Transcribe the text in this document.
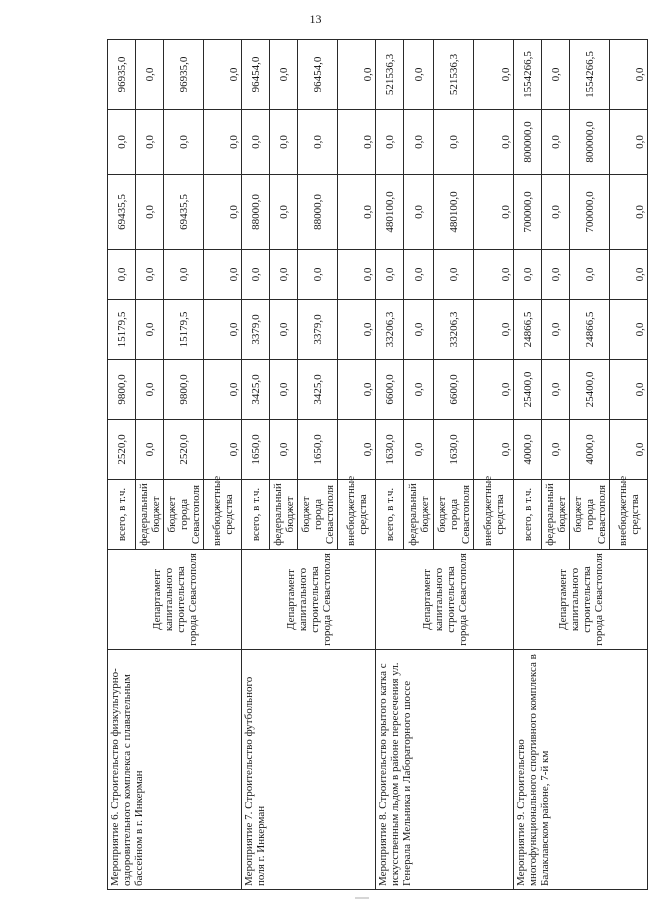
13
Мероприятие 6. Строительство физкультурно-оздоровительного комплекса с плавательным бассейном в г. Инкерман	Департамент капитального строительства города Севастополя	всего, в т.ч.	2520,0	9800,0	15179,5	0,0	69435,5	0,0	96935,0
		федеральный бюджет	0,0	0,0	0,0	0,0	0,0	0,0	0,0
		бюджет города Севастополя	2520,0	9800,0	15179,5	0,0	69435,5	0,0	96935,0
		внебюджетные средства	0,0	0,0	0,0	0,0	0,0	0,0	0,0
Мероприятие 7. Строительство футбольного поля г. Инкерман	Департамент капитального строительства города Севастополя	всего, в т.ч.	1650,0	3425,0	3379,0	0,0	88000,0	0,0	96454,0
		федеральный бюджет	0,0	0,0	0,0	0,0	0,0	0,0	0,0
		бюджет города Севастополя	1650,0	3425,0	3379,0	0,0	88000,0	0,0	96454,0
		внебюджетные средства	0,0	0,0	0,0	0,0	0,0	0,0	0,0
Мероприятие 8. Строительство крытого катка с искусственным льдом в районе пересечения ул. Генерала Мельника и Лабораторного шоссе	Департамент капитального строительства города Севастополя	всего, в т.ч.	1630,0	6600,0	33206,3	0,0	480100,0	0,0	521536,3
		федеральный бюджет	0,0	0,0	0,0	0,0	0,0	0,0	0,0
		бюджет города Севастополя	1630,0	6600,0	33206,3	0,0	480100,0	0,0	521536,3
		внебюджетные средства	0,0	0,0	0,0	0,0	0,0	0,0	0,0
Мероприятие 9. Строительство многофункционального спортивного комплекса в Балаклавском районе, 7-й км	Департамент капитального строительства города Севастополя	всего, в т.ч.	4000,0	25400,0	24866,5	0,0	700000,0	800000,0	1554266,5
		федеральный бюджет	0,0	0,0	0,0	0,0	0,0	0,0	0,0
		бюджет города Севастополя	4000,0	25400,0	24866,5	0,0	700000,0	800000,0	1554266,5
		внебюджетные средства	0,0	0,0	0,0	0,0	0,0	0,0	0,0
